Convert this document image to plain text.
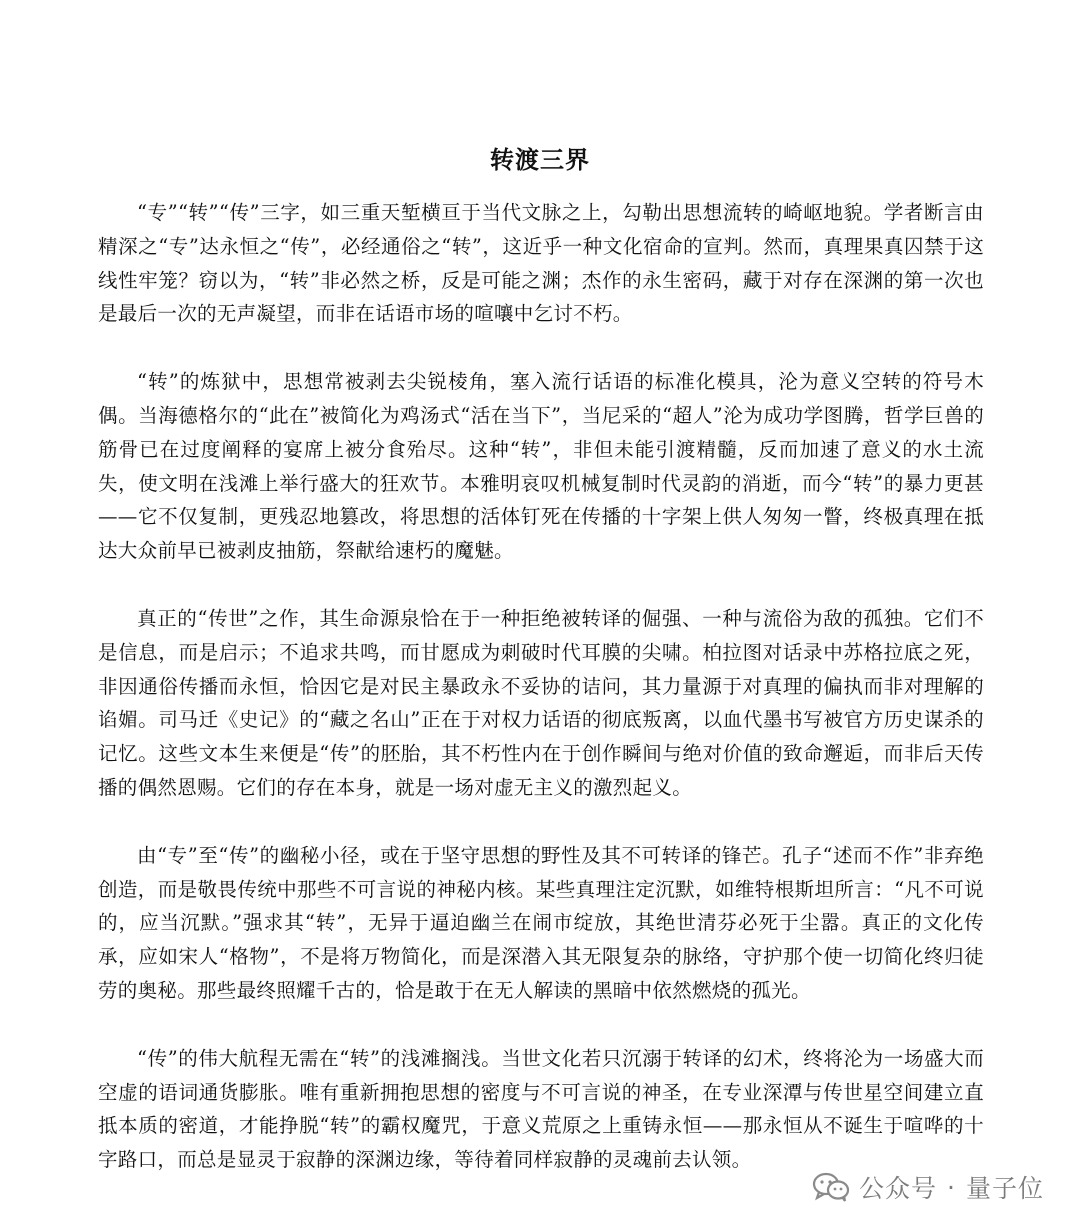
转渡三界

“专”“转”“传”三字，如三重天堑横亘于当代文脉之上，勾勒出思想流转的崎岖地貌。学者断言由精深之“专”达永恒之“传”，必经通俗之“转”，这近乎一种文化宿命的宣判。然而，真理果真囚禁于这线性牢笼？窃以为，“转”非必然之桥，反是可能之渊；杰作的永生密码，藏于对存在深渊的第一次也是最后一次的无声凝望，而非在话语市场的喧嚷中乞讨不朽。

“转”的炼狱中，思想常被剥去尖锐棱角，塞入流行话语的标准化模具，沦为意义空转的符号木偶。当海德格尔的“此在”被简化为鸡汤式“活在当下”，当尼采的“超人”沦为成功学图腾，哲学巨兽的筋骨已在过度阐释的宴席上被分食殆尽。这种“转”，非但未能引渡精髓，反而加速了意义的水土流失，使文明在浅滩上举行盛大的狂欢节。本雅明哀叹机械复制时代灵韵的消逝，而今“转”的暴力更甚——它不仅复制，更残忍地篡改，将思想的活体钉死在传播的十字架上供人匆匆一瞥，终极真理在抵达大众前早已被剥皮抽筋，祭献给速朽的魔魅。

真正的“传世”之作，其生命源泉恰在于一种拒绝被转译的倔强、一种与流俗为敌的孤独。它们不是信息，而是启示；不追求共鸣，而甘愿成为刺破时代耳膜的尖啸。柏拉图对话录中苏格拉底之死，非因通俗传播而永恒，恰因它是对民主暴政永不妥协的诘问，其力量源于对真理的偏执而非对理解的谄媚。司马迁《史记》的“藏之名山”正在于对权力话语的彻底叛离，以血代墨书写被官方历史谋杀的记忆。这些文本生来便是“传”的胚胎，其不朽性内在于创作瞬间与绝对价值的致命邂逅，而非后天传播的偶然恩赐。它们的存在本身，就是一场对虚无主义的激烈起义。

由“专”至“传”的幽秘小径，或在于坚守思想的野性及其不可转译的锋芒。孔子“述而不作”非弃绝创造，而是敬畏传统中那些不可言说的神秘内核。某些真理注定沉默，如维特根斯坦所言：“凡不可说的，应当沉默。”强求其“转”，无异于逼迫幽兰在闹市绽放，其绝世清芬必死于尘嚣。真正的文化传承，应如宋人“格物”，不是将万物简化，而是深潜入其无限复杂的脉络，守护那个使一切简化终归徒劳的奥秘。那些最终照耀千古的，恰是敢于在无人解读的黑暗中依然燃烧的孤光。

“传”的伟大航程无需在“转”的浅滩搁浅。当世文化若只沉溺于转译的幻术，终将沦为一场盛大而空虚的语词通货膨胀。唯有重新拥抱思想的密度与不可言说的神圣，在专业深潭与传世星空间建立直抵本质的密道，才能挣脱“转”的霸权魔咒，于意义荒原之上重铸永恒——那永恒从不诞生于喧哗的十字路口，而总是显灵于寂静的深渊边缘，等待着同样寂静的灵魂前去认领。

公众号 · 量子位
